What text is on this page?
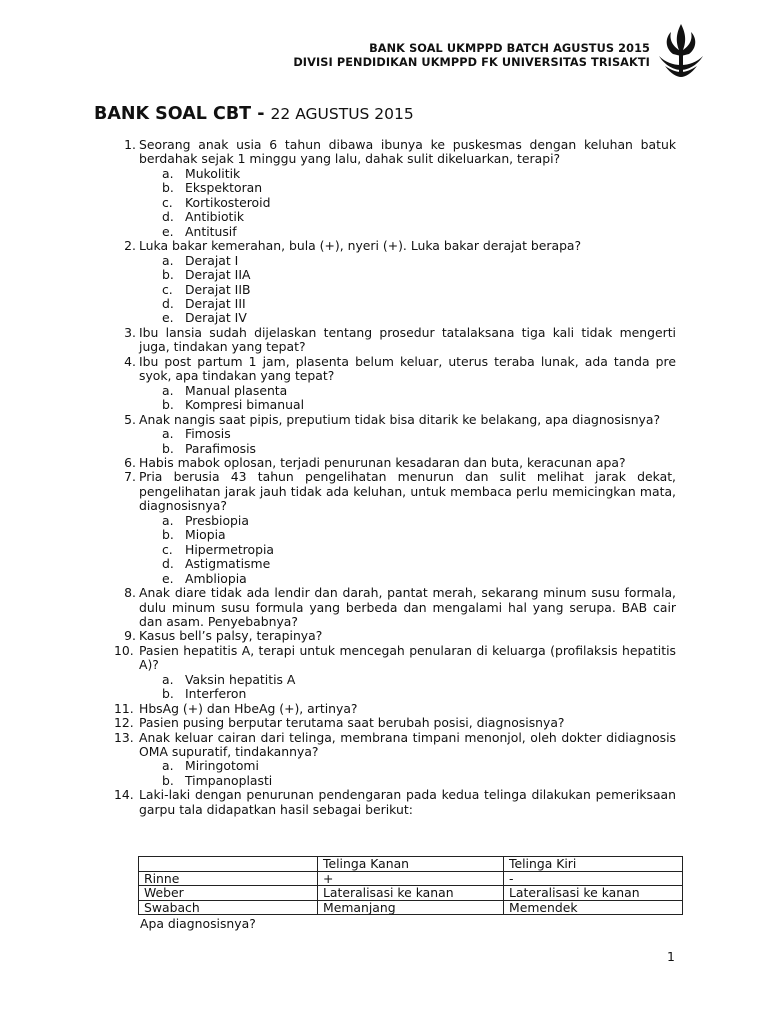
BANK SOAL UKMPPD BATCH AGUSTUS 2015
DIVISI PENDIDIKAN UKMPPD FK UNIVERSITAS TRISAKTI
BANK SOAL CBT - 22 AGUSTUS 2015
1. Seorang anak usia 6 tahun dibawa ibunya ke puskesmas dengan keluhan batuk berdahak sejak 1 minggu yang lalu, dahak sulit dikeluarkan, terapi?
a. Mukolitik
b. Ekspektoran
c. Kortikosteroid
d. Antibiotik
e. Antitusif
2. Luka bakar kemerahan, bula (+), nyeri (+). Luka bakar derajat berapa?
a. Derajat I
b. Derajat IIA
c. Derajat IIB
d. Derajat III
e. Derajat IV
3. Ibu lansia sudah dijelaskan tentang prosedur tatalaksana tiga kali tidak mengerti juga, tindakan yang tepat?
4. Ibu post partum 1 jam, plasenta belum keluar, uterus teraba lunak, ada tanda pre syok, apa tindakan yang tepat?
a. Manual plasenta
b. Kompresi bimanual
5. Anak nangis saat pipis, preputium tidak bisa ditarik ke belakang, apa diagnosisnya?
a. Fimosis
b. Parafimosis
6. Habis mabok oplosan, terjadi penurunan kesadaran dan buta, keracunan apa?
7. Pria berusia 43 tahun pengelihatan menurun dan sulit melihat jarak dekat, pengelihatan jarak jauh tidak ada keluhan, untuk membaca perlu memicingkan mata, diagnosisnya?
a. Presbiopia
b. Miopia
c. Hipermetropia
d. Astigmatisme
e. Ambliopia
8. Anak diare tidak ada lendir dan darah, pantat merah, sekarang minum susu formala, dulu minum susu formula yang berbeda dan mengalami hal yang serupa. BAB cair dan asam. Penyebabnya?
9. Kasus bell’s palsy, terapinya?
10. Pasien hepatitis A, terapi untuk mencegah penularan di keluarga (profilaksis hepatitis A)?
a. Vaksin hepatitis A
b. Interferon
11. HbsAg (+) dan HbeAg (+), artinya?
12. Pasien pusing berputar terutama saat berubah posisi, diagnosisnya?
13. Anak keluar cairan dari telinga, membrana timpani menonjol, oleh dokter didiagnosis OMA supuratif, tindakannya?
a. Miringotomi
b. Timpanoplasti
14. Laki-laki dengan penurunan pendengaran pada kedua telinga dilakukan pemeriksaan garpu tala didapatkan hasil sebagai berikut:
	Telinga Kanan	Telinga Kiri
Rinne	+	-
Weber	Lateralisasi ke kanan	Lateralisasi ke kanan
Swabach	Memanjang	Memendek
Apa diagnosisnya?
1
